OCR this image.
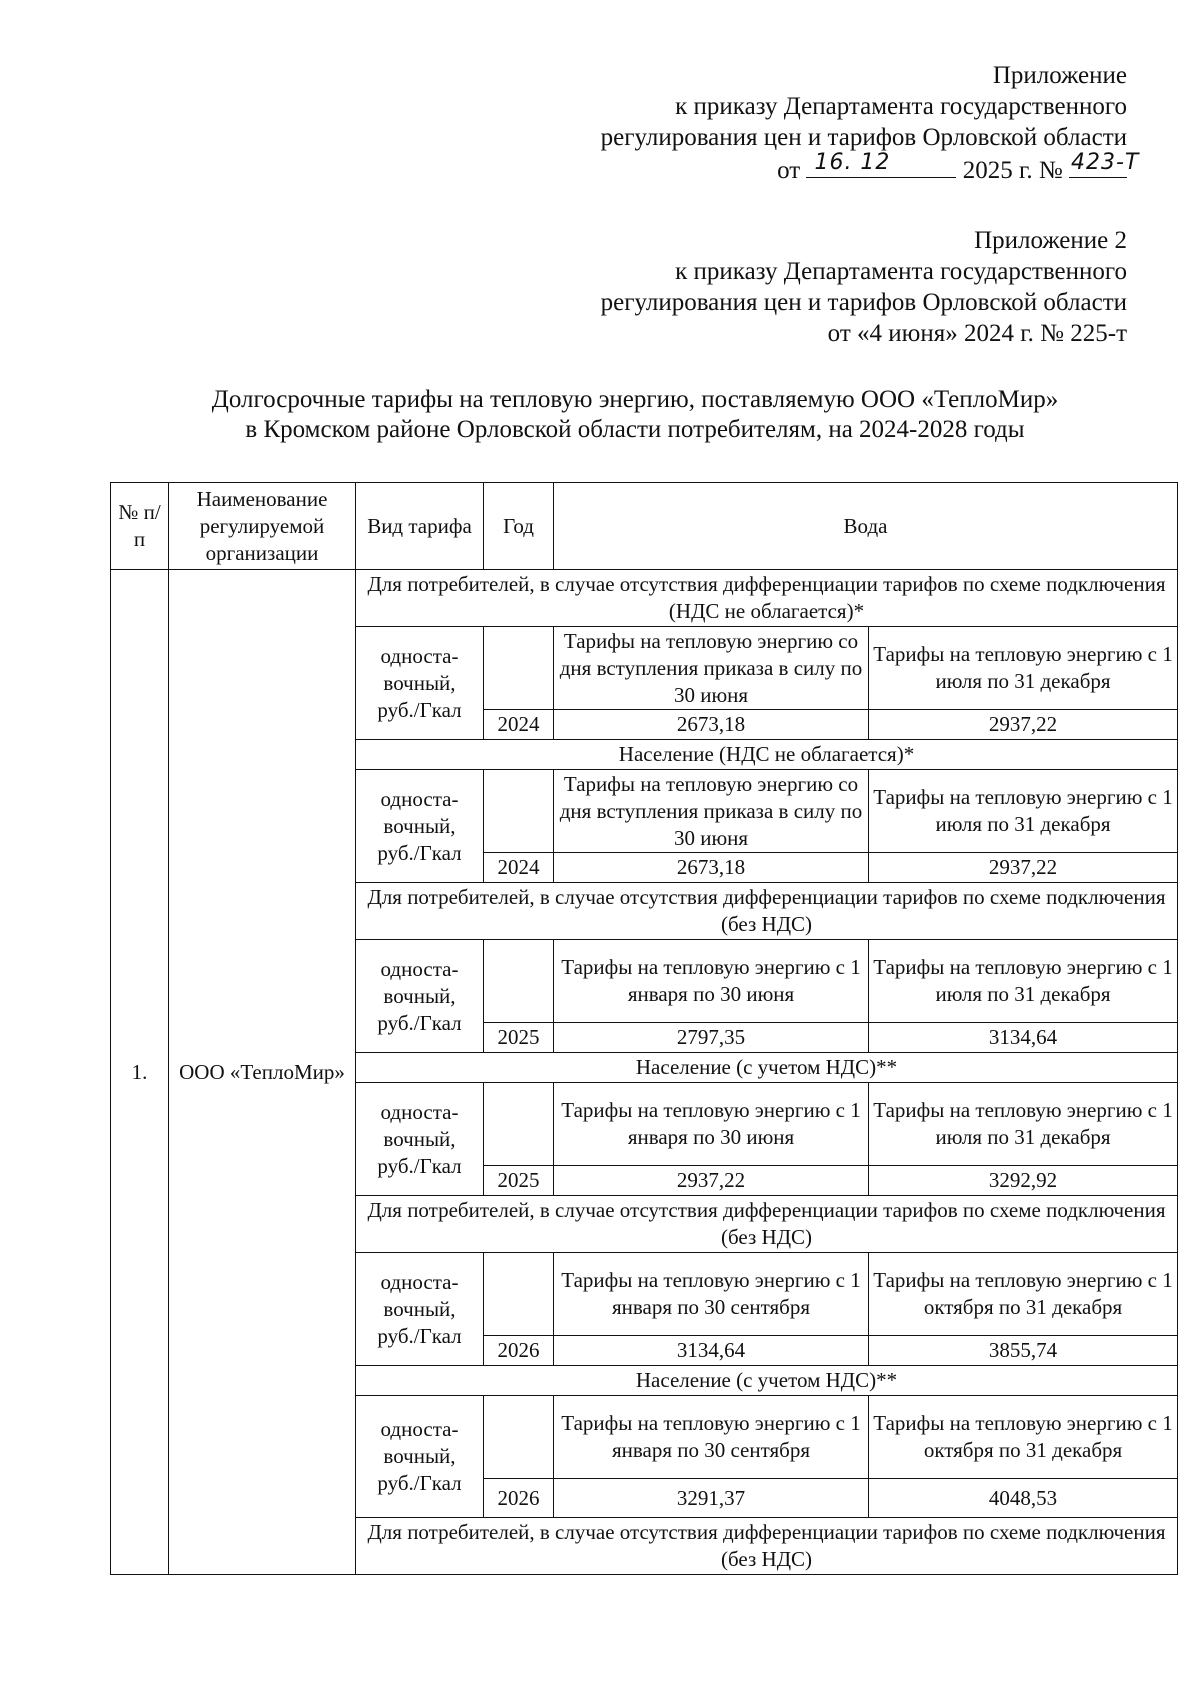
Приложение
к приказу Департамента государственного
регулирования цен и тарифов Орловской области
от 16. 12	2025 г. № 423-Т
Приложение 2
к приказу Департамента государственного
регулирования цен и тарифов Орловской области
от «4 июня» 2024 г. № 225-т
Долгосрочные тарифы на тепловую энергию, поставляемую ООО «ТеплоМир»
в Кромском районе Орловской области потребителям, на 2024-2028 годы
№ п/п	Наименование регулируемой организации	Вид тарифа	Год	Вода	
1.	ООО «ТеплоМир»	Для потребителей, в случае отсутствия дифференциации тарифов по схеме подключения (НДС не облагается)*			
		односта-вочный, руб./Гкал		Тарифы на тепловую энергию со дня вступления приказа в силу по 30 июня	Тарифы на тепловую энергию с 1 июля по 31 декабря
			2024	2673,18	2937,22
		Население (НДС не облагается)*			
		односта-вочный, руб./Гкал		Тарифы на тепловую энергию со дня вступления приказа в силу по 30 июня	Тарифы на тепловую энергию с 1 июля по 31 декабря
			2024	2673,18	2937,22
		Для потребителей, в случае отсутствия дифференциации тарифов по схеме подключения (без НДС)			
		односта-вочный, руб./Гкал		Тарифы на тепловую энергию с 1 января по 30 июня	Тарифы на тепловую энергию с 1 июля по 31 декабря
			2025	2797,35	3134,64
		Население (с учетом НДС)**			
		односта-вочный, руб./Гкал		Тарифы на тепловую энергию с 1 января по 30 июня	Тарифы на тепловую энергию с 1 июля по 31 декабря
			2025	2937,22	3292,92
		Для потребителей, в случае отсутствия дифференциации тарифов по схеме подключения (без НДС)			
		односта-вочный, руб./Гкал		Тарифы на тепловую энергию с 1 января по 30 сентября	Тарифы на тепловую энергию с 1 октября по 31 декабря
			2026	3134,64	3855,74
		Население (с учетом НДС)**			
		односта-вочный, руб./Гкал		Тарифы на тепловую энергию с 1 января по 30 сентября	Тарифы на тепловую энергию с 1 октября по 31 декабря
			2026	3291,37	4048,53
		Для потребителей, в случае отсутствия дифференциации тарифов по схеме подключения (без НДС)			
